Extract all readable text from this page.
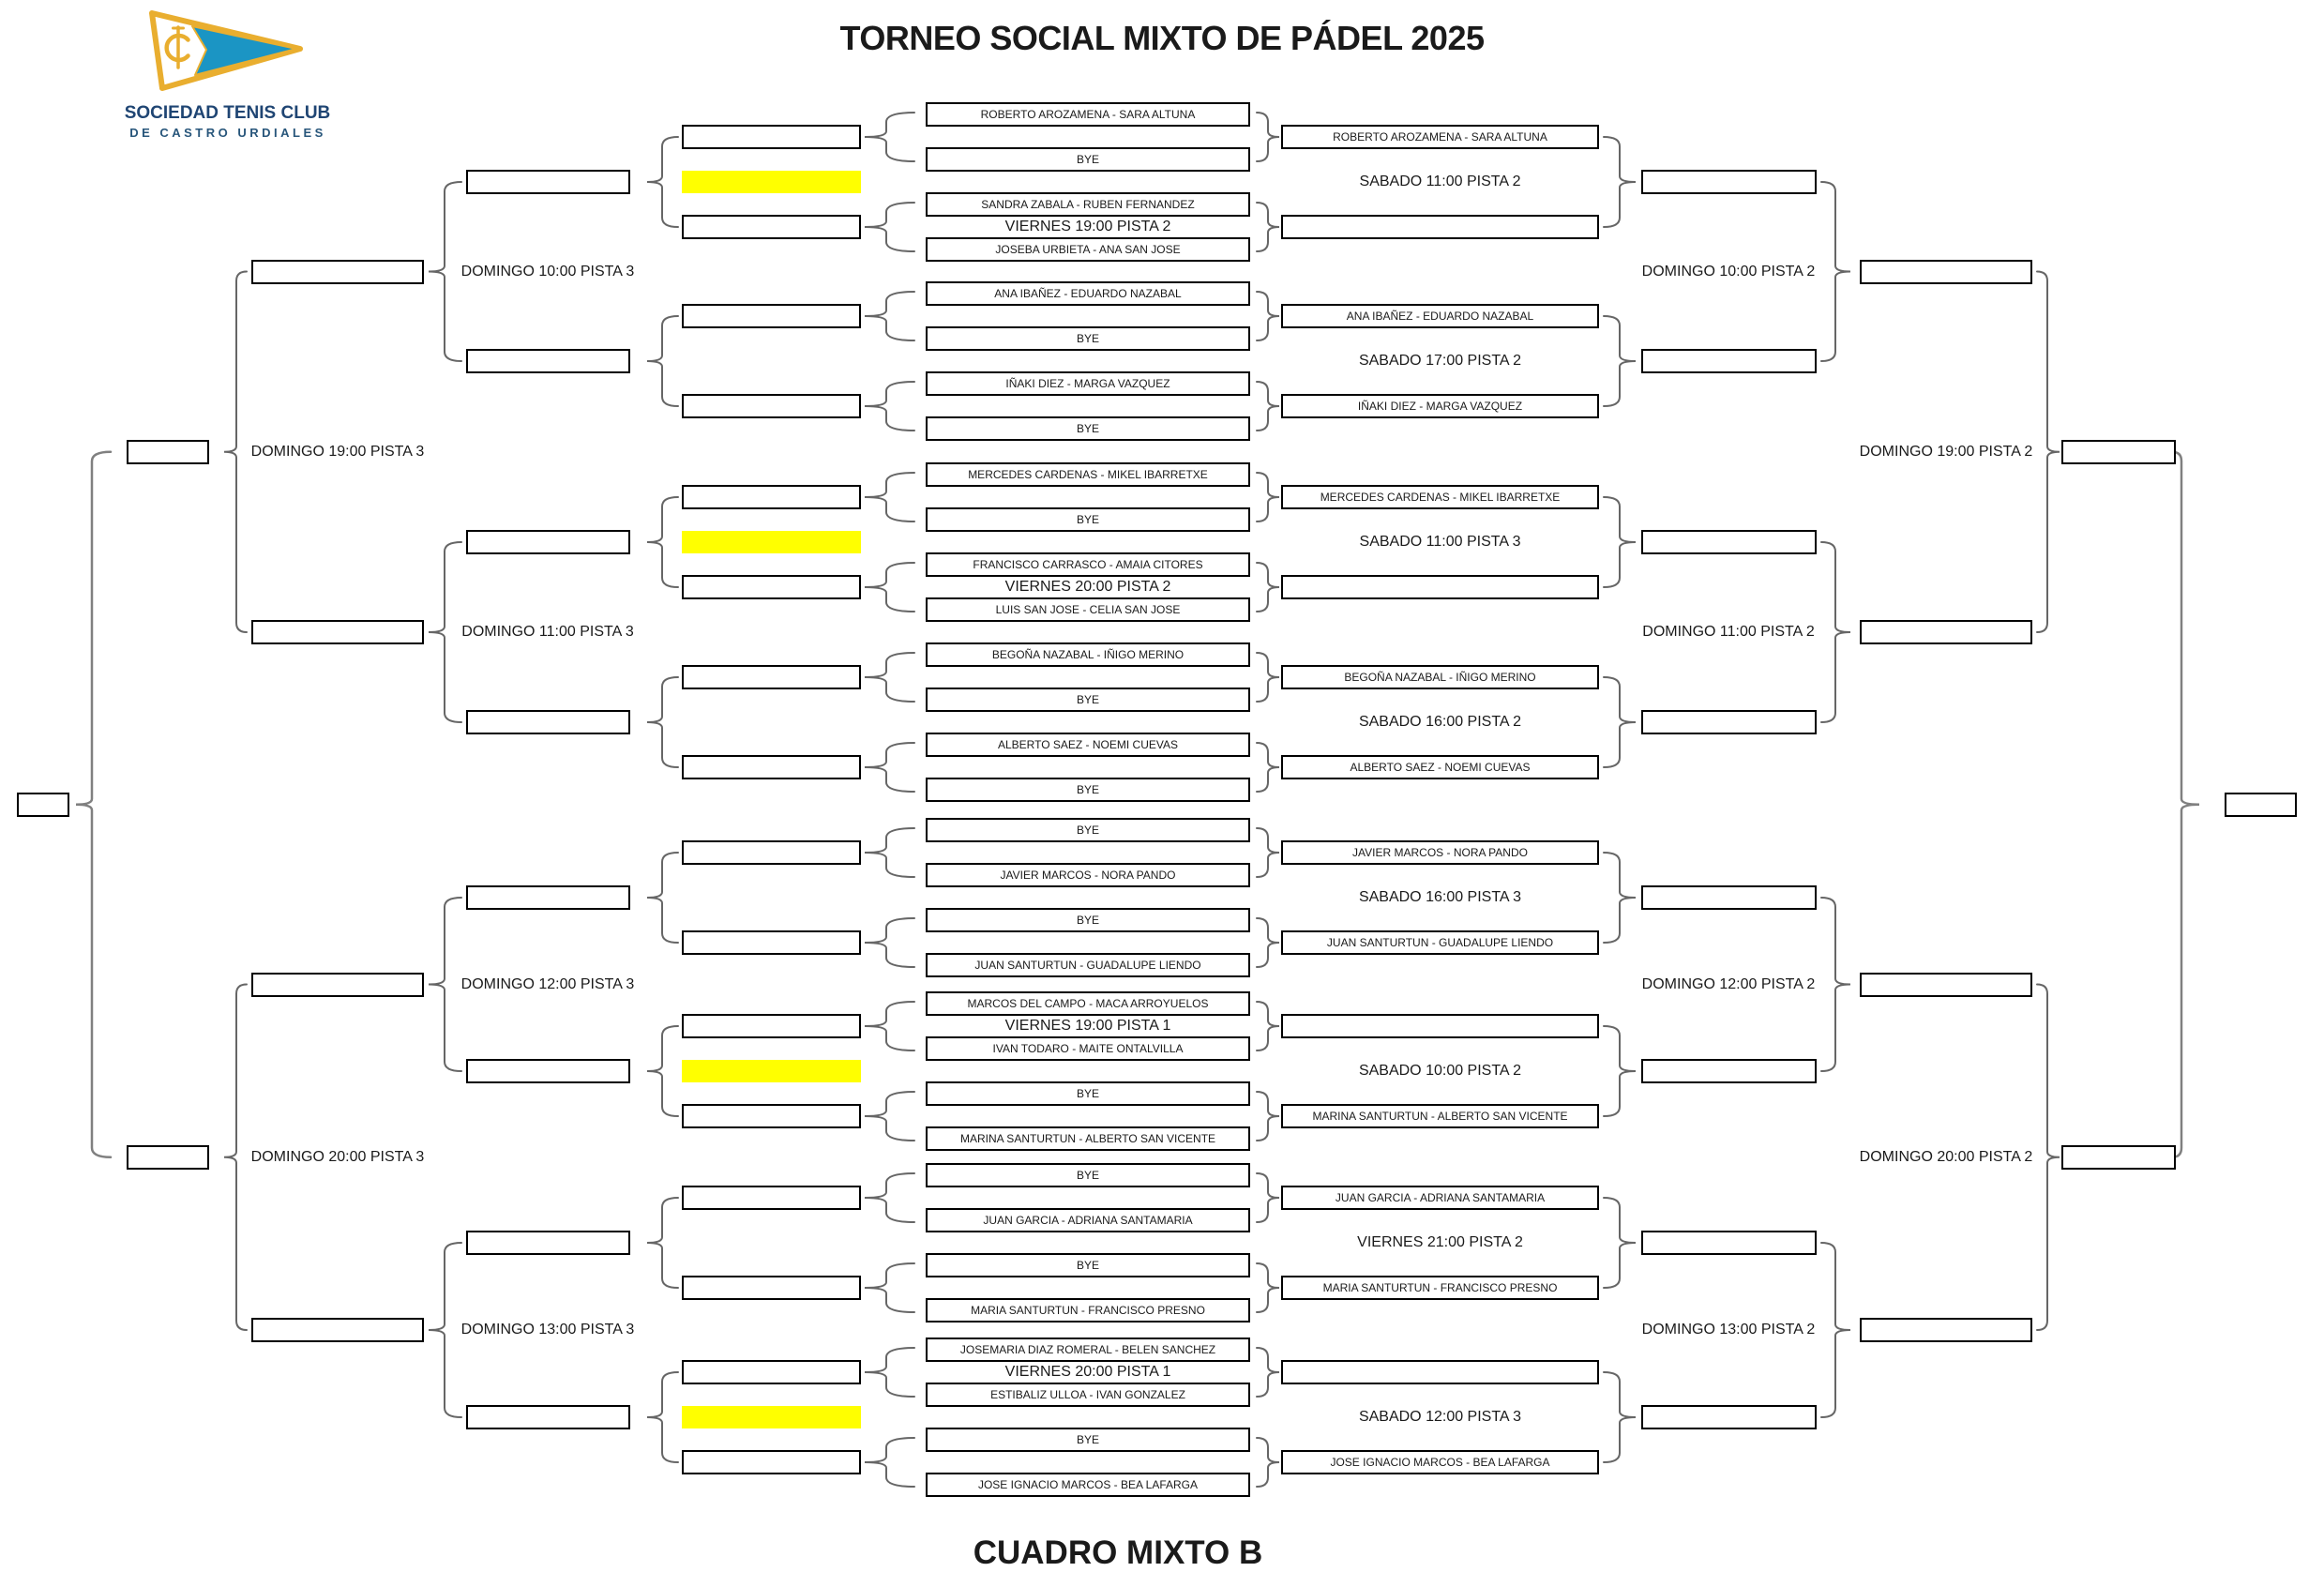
SOCIEDAD TENIS CLUB
DE CASTRO URDIALES
TORNEO SOCIAL MIXTO DE PÁDEL 2025
CUADRO MIXTO B
ROBERTO AROZAMENA - SARA ALTUNA
BYE
ROBERTO AROZAMENA - SARA ALTUNA
SANDRA ZABALA - RUBEN FERNANDEZ
VIERNES 19:00 PISTA 2
JOSEBA URBIETA - ANA SAN JOSE
SABADO 11:00 PISTA 2
ANA IBAÑEZ - EDUARDO NAZABAL
BYE
ANA IBAÑEZ - EDUARDO NAZABAL
IÑAKI DIEZ - MARGA VAZQUEZ
BYE
IÑAKI DIEZ - MARGA VAZQUEZ
SABADO 17:00 PISTA 2
MERCEDES CARDENAS - MIKEL IBARRETXE
BYE
MERCEDES CARDENAS - MIKEL IBARRETXE
FRANCISCO CARRASCO - AMAIA CITORES
VIERNES 20:00 PISTA 2
LUIS SAN JOSE - CELIA SAN JOSE
SABADO 11:00 PISTA 3
BEGOÑA NAZABAL - IÑIGO MERINO
BYE
BEGOÑA NAZABAL - IÑIGO MERINO
ALBERTO SAEZ - NOEMI CUEVAS
BYE
ALBERTO SAEZ - NOEMI CUEVAS
SABADO 16:00 PISTA 2
BYE
JAVIER MARCOS - NORA PANDO
JAVIER MARCOS - NORA PANDO
BYE
JUAN SANTURTUN - GUADALUPE LIENDO
JUAN SANTURTUN - GUADALUPE LIENDO
SABADO 16:00 PISTA 3
MARCOS DEL CAMPO - MACA ARROYUELOS
VIERNES 19:00 PISTA 1
IVAN TODARO - MAITE ONTALVILLA
BYE
MARINA SANTURTUN - ALBERTO SAN VICENTE
MARINA SANTURTUN - ALBERTO SAN VICENTE
SABADO 10:00 PISTA 2
BYE
JUAN GARCIA - ADRIANA SANTAMARIA
JUAN GARCIA - ADRIANA SANTAMARIA
BYE
MARIA SANTURTUN - FRANCISCO PRESNO
MARIA SANTURTUN - FRANCISCO PRESNO
VIERNES 21:00 PISTA 2
JOSEMARIA DIAZ ROMERAL - BELEN SANCHEZ
VIERNES 20:00 PISTA 1
ESTIBALIZ ULLOA - IVAN GONZALEZ
BYE
JOSE IGNACIO MARCOS - BEA LAFARGA
JOSE IGNACIO MARCOS - BEA LAFARGA
SABADO 12:00 PISTA 3
DOMINGO 10:00 PISTA 3	DOMINGO 10:00 PISTA 2
DOMINGO 11:00 PISTA 3	DOMINGO 11:00 PISTA 2
DOMINGO 12:00 PISTA 3	DOMINGO 12:00 PISTA 2
DOMINGO 13:00 PISTA 3	DOMINGO 13:00 PISTA 2
DOMINGO 19:00 PISTA 3	DOMINGO 19:00 PISTA 2
DOMINGO 20:00 PISTA 3	DOMINGO 20:00 PISTA 2
